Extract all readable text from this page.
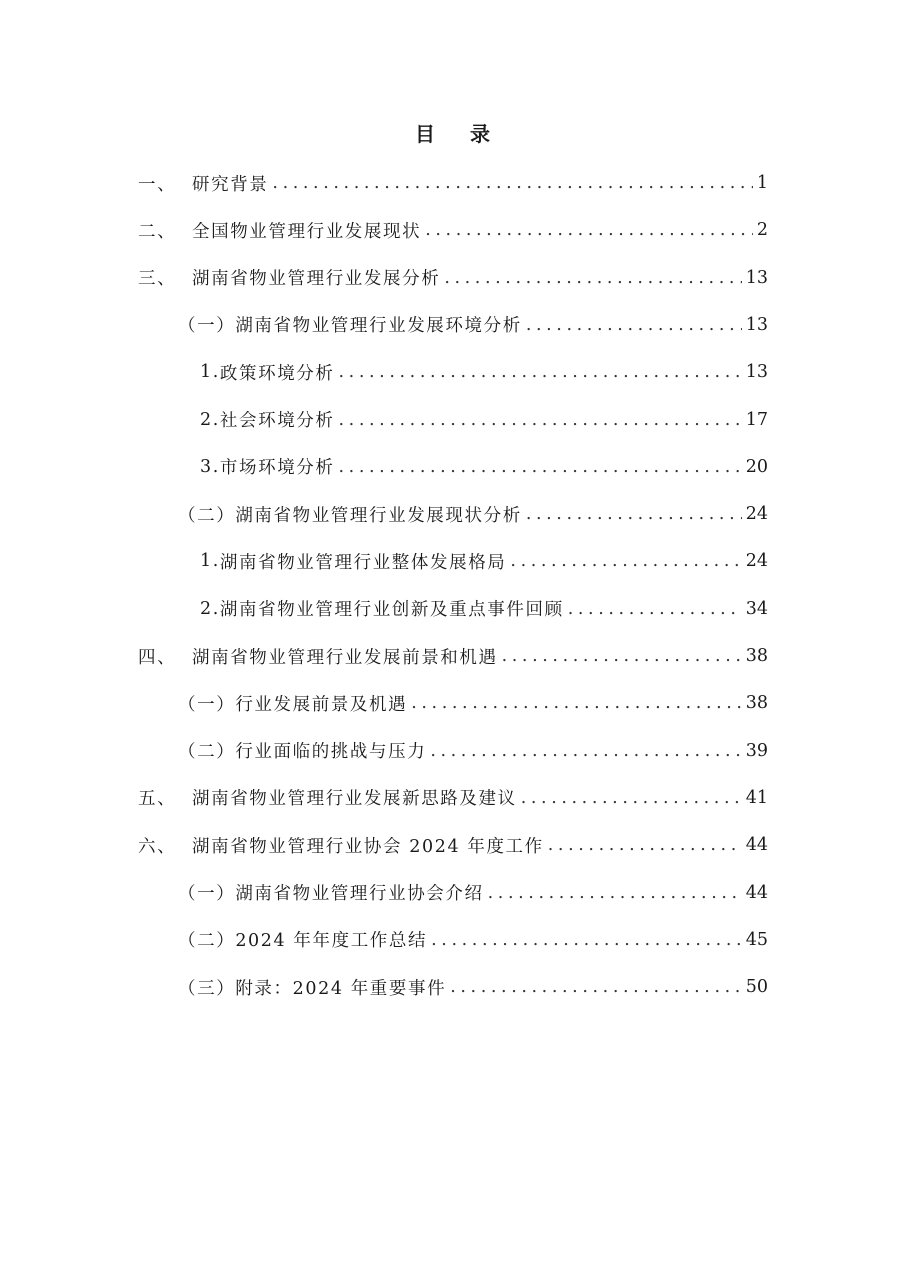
目 录
一、 研究背景 .....	1
二、 全国物业管理行业发展现状 .....	2
三、 湖南省物业管理行业发展分析 .....	13
（一） 湖南省物业管理行业发展环境分析 .....	13
1. 政策环境分析 .....	13
2. 社会环境分析 .....	17
3. 市场环境分析 .....	20
（二） 湖南省物业管理行业发展现状分析 .....	24
1. 湖南省物业管理行业整体发展格局 .....	24
2. 湖南省物业管理行业创新及重点事件回顾 .....	34
四、 湖南省物业管理行业发展前景和机遇 .....	38
（一） 行业发展前景及机遇 .....	38
（二） 行业面临的挑战与压力 .....	39
五、 湖南省物业管理行业发展新思路及建议 .....	41
六、 湖南省物业管理行业协会 2024 年度工作 .....	44
（一） 湖南省物业管理行业协会介绍 .....	44
（二） 2024 年年度工作总结 .....	45
（三） 附录：2024 年重要事件 .....	50
